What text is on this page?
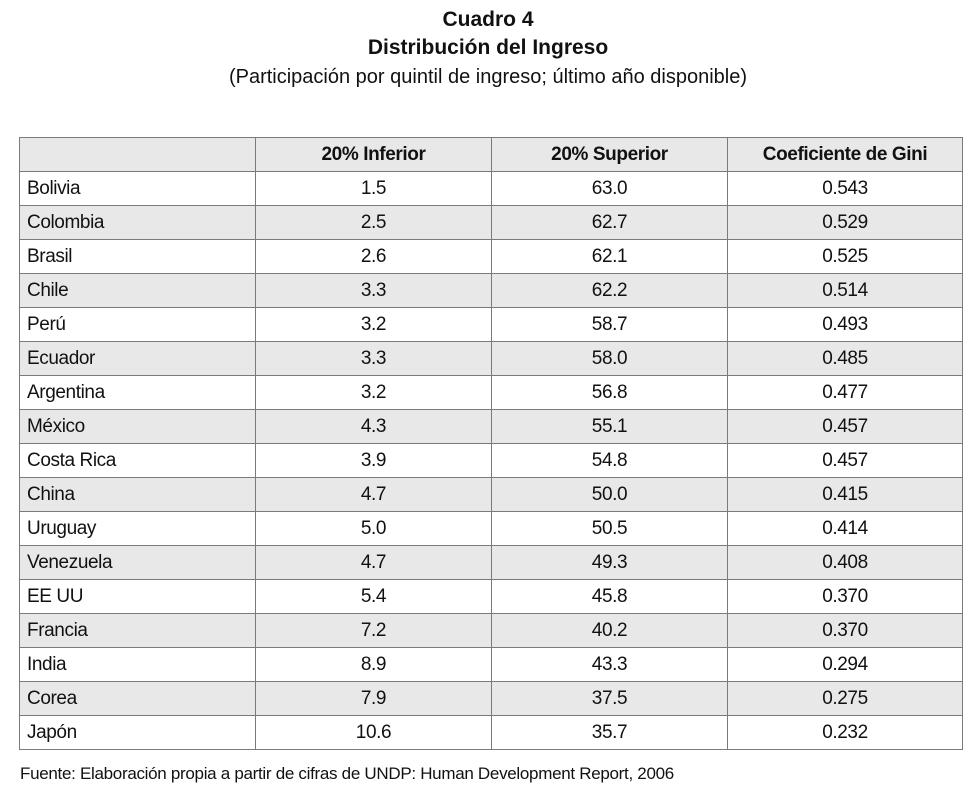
Cuadro 4
Distribución del Ingreso
(Participación por quintil de ingreso; último año disponible)
	20% Inferior	20% Superior	Coeficiente de Gini
Bolivia	1.5	63.0	0.543
Colombia	2.5	62.7	0.529
Brasil	2.6	62.1	0.525
Chile	3.3	62.2	0.514
Perú	3.2	58.7	0.493
Ecuador	3.3	58.0	0.485
Argentina	3.2	56.8	0.477
México	4.3	55.1	0.457
Costa Rica	3.9	54.8	0.457
China	4.7	50.0	0.415
Uruguay	5.0	50.5	0.414
Venezuela	4.7	49.3	0.408
EE UU	5.4	45.8	0.370
Francia	7.2	40.2	0.370
India	8.9	43.3	0.294
Corea	7.9	37.5	0.275
Japón	10.6	35.7	0.232
Fuente: Elaboración propia a partir de cifras de UNDP: Human Development Report, 2006
